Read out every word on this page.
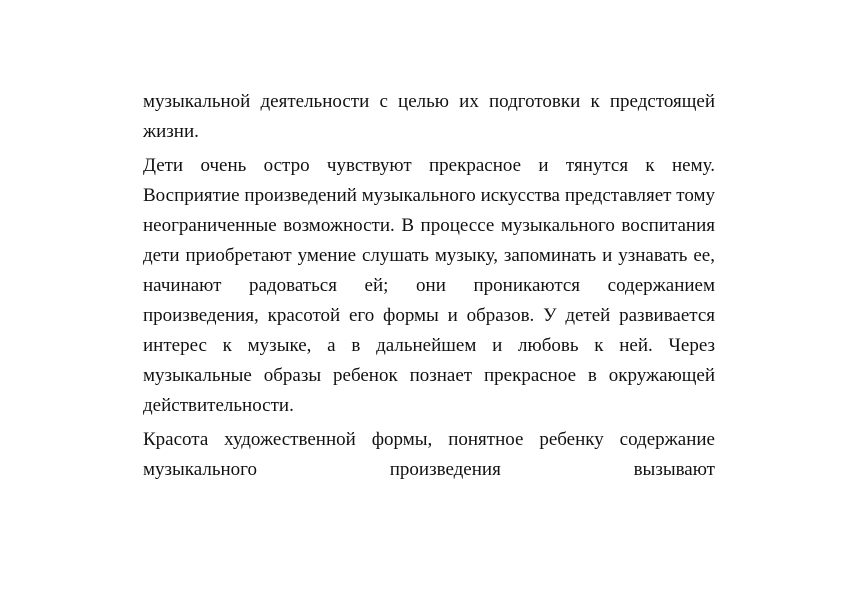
музыкальной деятельности с целью их подготовки к предстоящей жизни.

Дети очень остро чувствуют прекрасное и тянутся к нему. Восприятие произведений музыкального искусства представляет тому неограниченные возможности. В процессе музыкального воспитания дети приобретают умение слушать музыку, запоминать и узнавать ее, начинают радоваться ей; они проникаются содержанием произведения, красотой его формы и образов. У детей развивается интерес к музыке, а в дальнейшем и любовь к ней. Через музыкальные образы ребенок познает прекрасное в окружающей действительности.

Красота художественной формы, понятное ребенку содержание музыкального произведения вызывают
